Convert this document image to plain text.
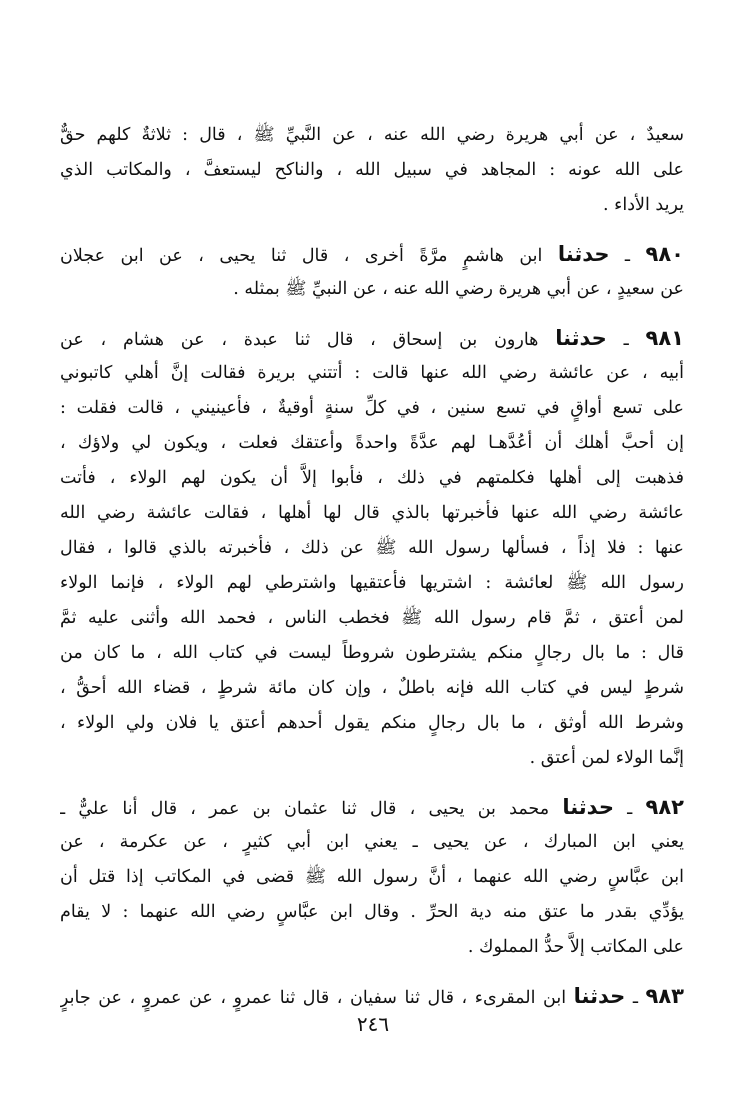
سعيدٌ ، عن أبي هريرة رضي الله عنه ، عن النَّبيِّ ﷺ ، قال : ثلاثةٌ كلهم حقٌّ
على الله عونه : المجاهد في سبيل الله ، والناكح ليستعفَّ ، والمكاتب الذي
يريد الأداء .
٩٨٠ ـ حدثنا ابن هاشمٍ مرَّةً أخرى ، قال ثنا يحيى ، عن ابن عجلان
عن سعيدٍ ، عن أبي هريرة رضي الله عنه ، عن النبيِّ ﷺ بمثله .
٩٨١ ـ حدثنا هارون بن إسحاق ، قال ثنا عبدة ، عن هشام ، عن
أبيه ، عن عائشة رضي الله عنها قالت : أتتني بريرة فقالت إنَّ أهلي كاتبوني
على تسع أواقٍ في تسع سنين ، في كلِّ سنةٍ أوقيةٌ ، فأعينيني ، قالت فقلت :
إن أحبَّ أهلك أن أعُدَّهـا لهم عدَّةً واحدةً وأعتقك فعلت ، ويكون لي ولاؤك ،
فذهبت إلى أهلها فكلمتهم في ذلك ، فأبوا إلاَّ أن يكون لهم الولاء ، فأتت
عائشة رضي الله عنها فأخبرتها بالذي قال لها أهلها ، فقالت عائشة رضي الله
عنها : فلا إذاً ، فسألها رسول الله ﷺ عن ذلك ، فأخبرته بالذي قالوا ، فقال
رسول الله ﷺ لعائشة : اشتريها فأعتقيها واشترطي لهم الولاء ، فإنما الولاء
لمن أعتق ، ثمَّ قام رسول الله ﷺ فخطب الناس ، فحمد الله وأثنى عليه ثمَّ
قال : ما بال رجالٍ منكم يشترطون شروطاً ليست في كتاب الله ، ما كان من
شرطٍ ليس في كتاب الله فإنه باطلٌ ، وإن كان مائة شرطٍ ، قضاء الله أحقُّ ،
وشرط الله أوثق ، ما بال رجالٍ منكم يقول أحدهم أعتق يا فلان ولي الولاء ،
إنَّما الولاء لمن أعتق .
٩٨٢ ـ حدثنا محمد بن يحيى ، قال ثنا عثمان بن عمر ، قال أنا عليٌّ ـ
يعني ابن المبارك ، عن يحيى ـ يعني ابن أبي كثيرٍ ، عن عكرمة ، عن
ابن عبَّاسٍ رضي الله عنهما ، أنَّ رسول الله ﷺ قضى في المكاتب إذا قتل أن
يؤدِّي بقدر ما عتق منه دية الحرِّ . وقال ابن عبَّاسٍ رضي الله عنهما : لا يقام
على المكاتب إلاَّ حدُّ المملوك .
٩٨٣ ـ حدثنا ابن المقرىء ، قال ثنا سفيان ، قال ثنا عمروٍ ، عن عمروٍ ، عن جابرٍ
٢٤٦
